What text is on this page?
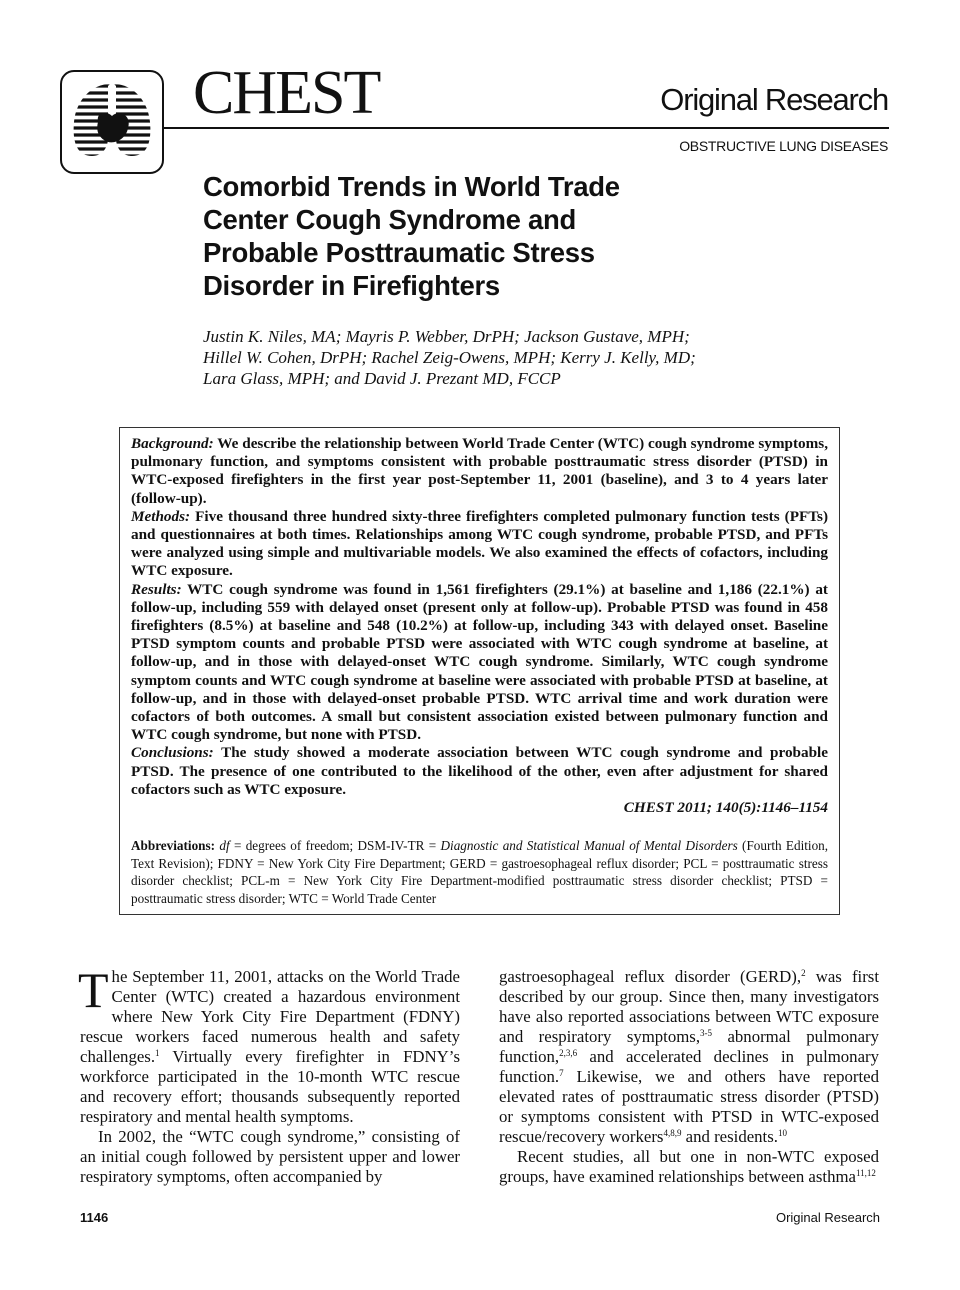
CHEST	Original Research
OBSTRUCTIVE LUNG DISEASES
Comorbid Trends in World Trade
Center Cough Syndrome and
Probable Posttraumatic Stress
Disorder in Firefighters
Justin K. Niles, MA; Mayris P. Webber, DrPH; Jackson Gustave, MPH;
Hillel W. Cohen, DrPH; Rachel Zeig-Owens, MPH; Kerry J. Kelly, MD;
Lara Glass, MPH; and David J. Prezant MD, FCCP

Background: We describe the relationship between World Trade Center (WTC) cough syndrome symptoms, pulmonary function, and symptoms consistent with probable posttraumatic stress disorder (PTSD) in WTC-exposed firefighters in the first year post-September 11, 2001 (baseline), and 3 to 4 years later (follow-up).

Methods: Five thousand three hundred sixty-three firefighters completed pulmonary function tests (PFTs) and questionnaires at both times. Relationships among WTC cough syndrome, probable PTSD, and PFTs were analyzed using simple and multivariable models. We also examined the effects of cofactors, including WTC exposure.

Results: WTC cough syndrome was found in 1,561 firefighters (29.1%) at baseline and 1,186 (22.1%) at follow-up, including 559 with delayed onset (present only at follow-up). Probable PTSD was found in 458 firefighters (8.5%) at baseline and 548 (10.2%) at follow-up, including 343 with delayed onset. Baseline PTSD symptom counts and probable PTSD were associated with WTC cough syndrome at baseline, at follow-up, and in those with delayed-onset WTC cough syndrome. Similarly, WTC cough syndrome symptom counts and WTC cough syndrome at baseline were associated with probable PTSD at baseline, at follow-up, and in those with delayed-onset probable PTSD. WTC arrival time and work duration were cofactors of both outcomes. A small but consistent association existed between pulmonary function and WTC cough syndrome, but none with PTSD.

Conclusions: The study showed a moderate association between WTC cough syndrome and probable PTSD. The presence of one contributed to the likelihood of the other, even after adjustment for shared cofactors such as WTC exposure.

CHEST 2011; 140(5):1146–1154
Abbreviations: df = degrees of freedom; DSM-IV-TR = Diagnostic and Statistical Manual of Mental Disorders (Fourth Edition, Text Revision); FDNY = New York City Fire Department; GERD = gastroesophageal reflux disorder; PCL = posttraumatic stress disorder checklist; PCL-m = New York City Fire Department-modified posttraumatic stress disorder checklist; PTSD = posttraumatic stress disorder; WTC = World Trade Center

The September 11, 2001, attacks on the World Trade Center (WTC) created a hazardous environment where New York City Fire Department (FDNY) rescue workers faced numerous health and safety challenges.$^1$ Virtually every firefighter in FDNY’s workforce participated in the 10-month WTC rescue and recovery effort; thousands subsequently reported respiratory and mental health symptoms.

In 2002, the “WTC cough syndrome,” consisting of an initial cough followed by persistent upper and lower respiratory symptoms, often accompanied by

gastroesophageal reflux disorder (GERD),$^2$ was first described by our group. Since then, many investigators have also reported associations between WTC exposure and respiratory symptoms,$^{3-5}$ abnormal pulmonary function,$^{2,3,6}$ and accelerated declines in pulmonary function.$^7$ Likewise, we and others have reported elevated rates of posttraumatic stress disorder (PTSD) or symptoms consistent with PTSD in WTC-exposed rescue/recovery workers$^{4,8,9}$ and residents.$^{10}$

Recent studies, all but one in non-WTC exposed groups, have examined relationships between asthma$^{11,12}$

1146	Original Research
